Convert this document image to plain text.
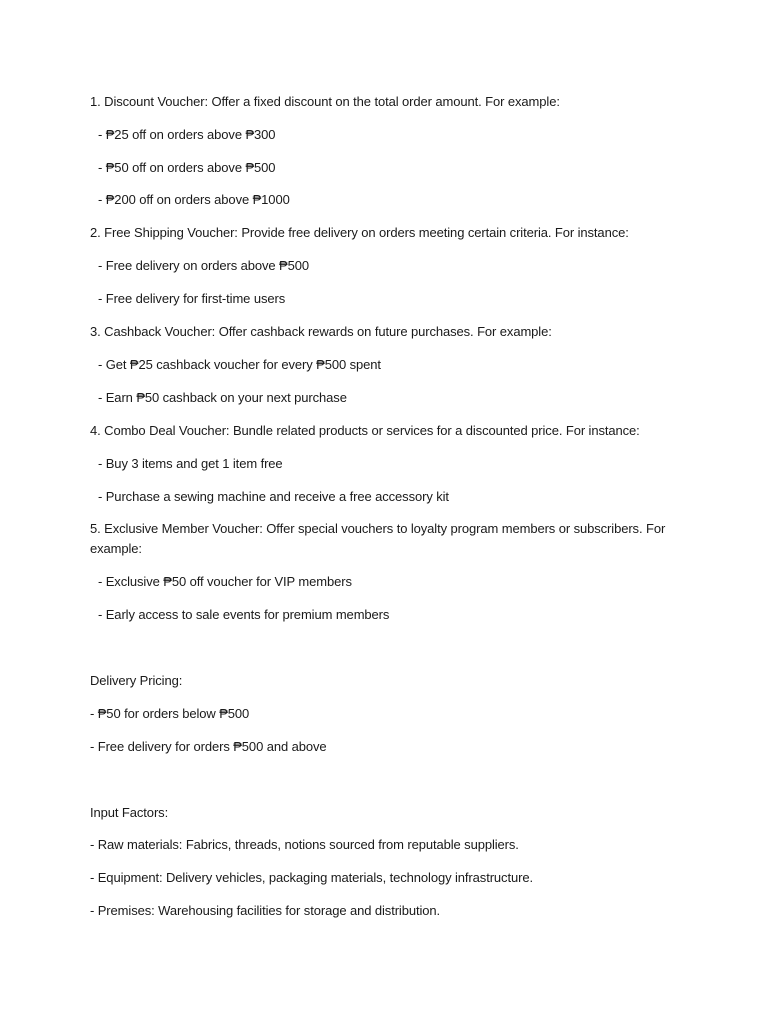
1. Discount Voucher: Offer a fixed discount on the total order amount. For example:
- ₱25 off on orders above ₱300
- ₱50 off on orders above ₱500
- ₱200 off on orders above ₱1000
2. Free Shipping Voucher: Provide free delivery on orders meeting certain criteria. For instance:
- Free delivery on orders above ₱500
- Free delivery for first-time users
3. Cashback Voucher: Offer cashback rewards on future purchases. For example:
- Get ₱25 cashback voucher for every ₱500 spent
- Earn ₱50 cashback on your next purchase
4. Combo Deal Voucher: Bundle related products or services for a discounted price. For instance:
- Buy 3 items and get 1 item free
- Purchase a sewing machine and receive a free accessory kit
5. Exclusive Member Voucher: Offer special vouchers to loyalty program members or subscribers. For example:
- Exclusive ₱50 off voucher for VIP members
- Early access to sale events for premium members
Delivery Pricing:
- ₱50 for orders below ₱500
- Free delivery for orders ₱500 and above
Input Factors:
- Raw materials: Fabrics, threads, notions sourced from reputable suppliers.
- Equipment: Delivery vehicles, packaging materials, technology infrastructure.
- Premises: Warehousing facilities for storage and distribution.
